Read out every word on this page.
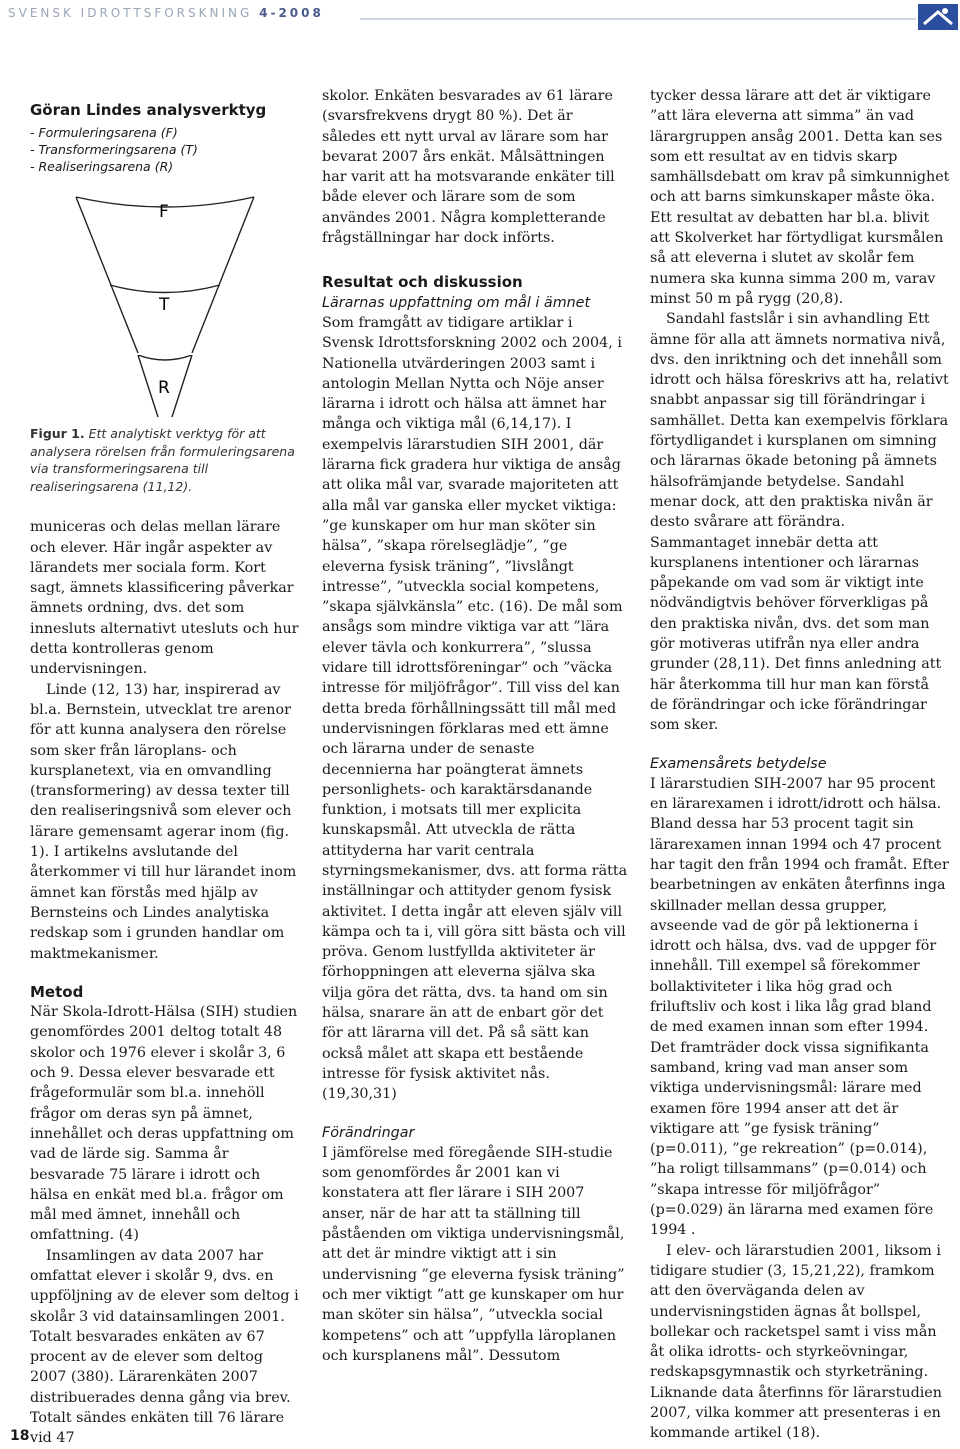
SVENSK IDROTTSFORSKNING 4-2008
Göran Lindes analysverktyg
- Formuleringsarena (F)
- Transformeringsarena (T)
- Realiseringsarena (R)
F
T
R
Figur 1. Ett analytiskt verktyg för att analysera rörelsen från formuleringsarena via transformeringsarena till realiseringsarena (11,12).

municeras och delas mellan lärare och elever. Här ingår aspekter av lärandets mer sociala form. Kort sagt, ämnets klassificering påverkar ämnets ordning, dvs. det som innesluts alternativt utesluts och hur detta kontrolleras genom undervisningen.

Linde (12, 13) har, inspirerad av bl.a. Bernstein, utvecklat tre arenor för att kunna analysera den rörelse som sker från läroplans- och kursplanetext, via en omvandling (transformering) av dessa texter till den realiseringsnivå som elever och lärare gemensamt agerar inom (fig. 1). I artikelns avslutande del återkommer vi till hur lärandet inom ämnet kan förstås med hjälp av Bernsteins och Lindes analytiska redskap som i grunden handlar om maktmekanismer.

Metod

När Skola-Idrott-Hälsa (SIH) studien genomfördes 2001 deltog totalt 48 skolor och 1976 elever i skolår 3, 6 och 9. Dessa elever besvarade ett frågeformulär som bl.a. innehöll frågor om deras syn på ämnet, innehållet och deras uppfattning om vad de lärde sig. Samma år besvarade 75 lärare i idrott och hälsa en enkät med bl.a. frågor om mål med ämnet, innehåll och omfattning. (4)

Insamlingen av data 2007 har omfattat elever i skolår 9, dvs. en uppföljning av de elever som deltog i skolår 3 vid datainsamlingen 2001. Totalt besvarades enkäten av 67 procent av de elever som deltog 2007 (380). Lärarenkäten 2007 distribuerades denna gång via brev. Totalt sändes enkäten till 76 lärare vid 47

skolor. Enkäten besvarades av 61 lärare (svarsfrekvens drygt 80 %). Det är således ett nytt urval av lärare som har bevarat 2007 års enkät. Målsättningen har varit att ha motsvarande enkäter till både elever och lärare som de som användes 2001. Några kompletterande frågställningar har dock införts.

Resultat och diskussion
Lärarnas uppfattning om mål i ämnet

Som framgått av tidigare artiklar i Svensk Idrottsforskning 2002 och 2004, i Nationella utvärderingen 2003 samt i antologin Mellan Nytta och Nöje anser lärarna i idrott och hälsa att ämnet har många och viktiga mål (6,14,17). I exempelvis lärarstudien SIH 2001, där lärarna fick gradera hur viktiga de ansåg att olika mål var, svarade majoriteten att alla mål var ganska eller mycket viktiga: ”ge kunskaper om hur man sköter sin hälsa”, ”skapa rörelseglädje”, ”ge eleverna fysisk träning”, ”livslångt intresse”, ”utveckla social kompetens, ”skapa självkänsla” etc. (16). De mål som ansågs som mindre viktiga var att ”lära elever tävla och konkurrera”, ”slussa vidare till idrottsföreningar” och ”väcka intresse för miljöfrågor”. Till viss del kan detta breda förhållningssätt till mål med undervisningen förklaras med ett ämne och lärarna under de senaste decennierna har poängterat ämnets personlighets- och karaktärsdanande funktion, i motsats till mer explicita kunskapsmål. Att utveckla de rätta attityderna har varit centrala styrningsmekanismer, dvs. att forma rätta inställningar och attityder genom fysisk aktivitet. I detta ingår att eleven själv vill kämpa och ta i, vill göra sitt bästa och vill pröva. Genom lustfyllda aktiviteter är förhoppningen att eleverna själva ska vilja göra det rätta, dvs. ta hand om sin hälsa, snarare än att de enbart gör det för att lärarna vill det. På så sätt kan också målet att skapa ett bestående intresse för fysisk aktivitet nås. (19,30,31)

Förändringar

I jämförelse med föregående SIH-studie som genomfördes år 2001 kan vi konstatera att fler lärare i SIH 2007 anser, när de har att ta ställning till påståenden om viktiga undervisningsmål, att det är mindre viktigt att i sin undervisning ”ge eleverna fysisk träning” och mer viktigt ”att ge kunskaper om hur man sköter sin hälsa”, ”utveckla social kompetens” och att ”uppfylla läroplanen och kursplanens mål”. Dessutom

tycker dessa lärare att det är viktigare ”att lära eleverna att simma” än vad lärargruppen ansåg 2001. Detta kan ses som ett resultat av en tidvis skarp samhällsdebatt om krav på simkunnighet och att barns simkunskaper måste öka. Ett resultat av debatten har bl.a. blivit att Skolverket har förtydligat kursmålen så att eleverna i slutet av skolår fem numera ska kunna simma 200 m, varav minst 50 m på rygg (20,8).

Sandahl fastslår i sin avhandling Ett ämne för alla att ämnets normativa nivå, dvs. den inriktning och det innehåll som idrott och hälsa föreskrivs att ha, relativt snabbt anpassar sig till förändringar i samhället. Detta kan exempelvis förklara förtydligandet i kursplanen om simning och lärarnas ökade betoning på ämnets hälsofrämjande betydelse. Sandahl menar dock, att den praktiska nivån är desto svårare att förändra. Sammantaget innebär detta att kursplanens intentioner och lärarnas påpekande om vad som är viktigt inte nödvändigtvis behöver förverkligas på den praktiska nivån, dvs. det som man gör motiveras utifrån nya eller andra grunder (28,11). Det finns anledning att här återkomma till hur man kan förstå de förändringar och icke förändringar som sker.

Examensårets betydelse

I lärarstudien SIH-2007 har 95 procent en lärarexamen i idrott/idrott och hälsa. Bland dessa har 53 procent tagit sin lärarexamen innan 1994 och 47 procent har tagit den från 1994 och framåt. Efter bearbetningen av enkäten återfinns inga skillnader mellan dessa grupper, avseende vad de gör på lektionerna i idrott och hälsa, dvs. vad de uppger för innehåll. Till exempel så förekommer bollaktiviteter i lika hög grad och friluftsliv och kost i lika låg grad bland de med examen innan som efter 1994. Det framträder dock vissa signifikanta samband, kring vad man anser som viktiga undervisningsmål: lärare med examen före 1994 anser att det är viktigare att ”ge fysisk träning” (p=0.011), ”ge rekreation” (p=0.014), ”ha roligt tillsammans” (p=0.014) och ”skapa intresse för miljöfrågor” (p=0.029) än lärarna med examen före 1994 .

I elev- och lärarstudien 2001, liksom i tidigare studier (3, 15,21,22), framkom att den överväganda delen av undervisningstiden ägnas åt bollspel, bollekar och racketspel samt i viss mån åt olika idrotts- och styrkeövningar, redskapsgymnastik och styrketräning. Liknande data återfinns för lärarstudien 2007, vilka kommer att presenteras i en kommande artikel (18).

18
